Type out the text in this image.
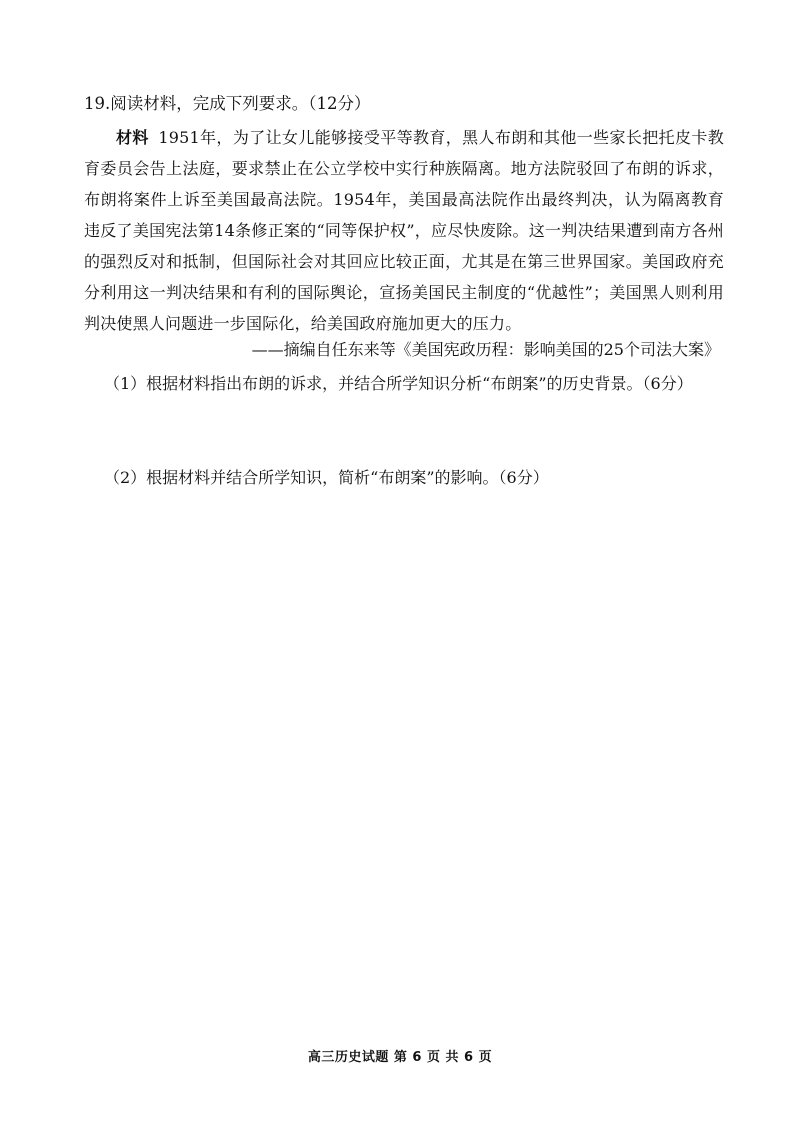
19.阅读材料，完成下列要求。（12分）
材料 1951年，为了让女儿能够接受平等教育，黑人布朗和其他一些家长把托皮卡教育委员会告上法庭，要求禁止在公立学校中实行种族隔离。地方法院驳回了布朗的诉求，布朗将案件上诉至美国最高法院。1954年，美国最高法院作出最终判决，认为隔离教育违反了美国宪法第14条修正案的“同等保护权”，应尽快废除。这一判决结果遭到南方各州的强烈反对和抵制，但国际社会对其回应比较正面，尤其是在第三世界国家。美国政府充分利用这一判决结果和有利的国际舆论，宣扬美国民主制度的“优越性”；美国黑人则利用判决使黑人问题进一步国际化，给美国政府施加更大的压力。
——摘编自任东来等《美国宪政历程：影响美国的25个司法大案》
（1）根据材料指出布朗的诉求，并结合所学知识分析“布朗案”的历史背景。（6分）
（2）根据材料并结合所学知识，简析“布朗案”的影响。（6分）
高三历史试题 第 6 页 共 6 页
